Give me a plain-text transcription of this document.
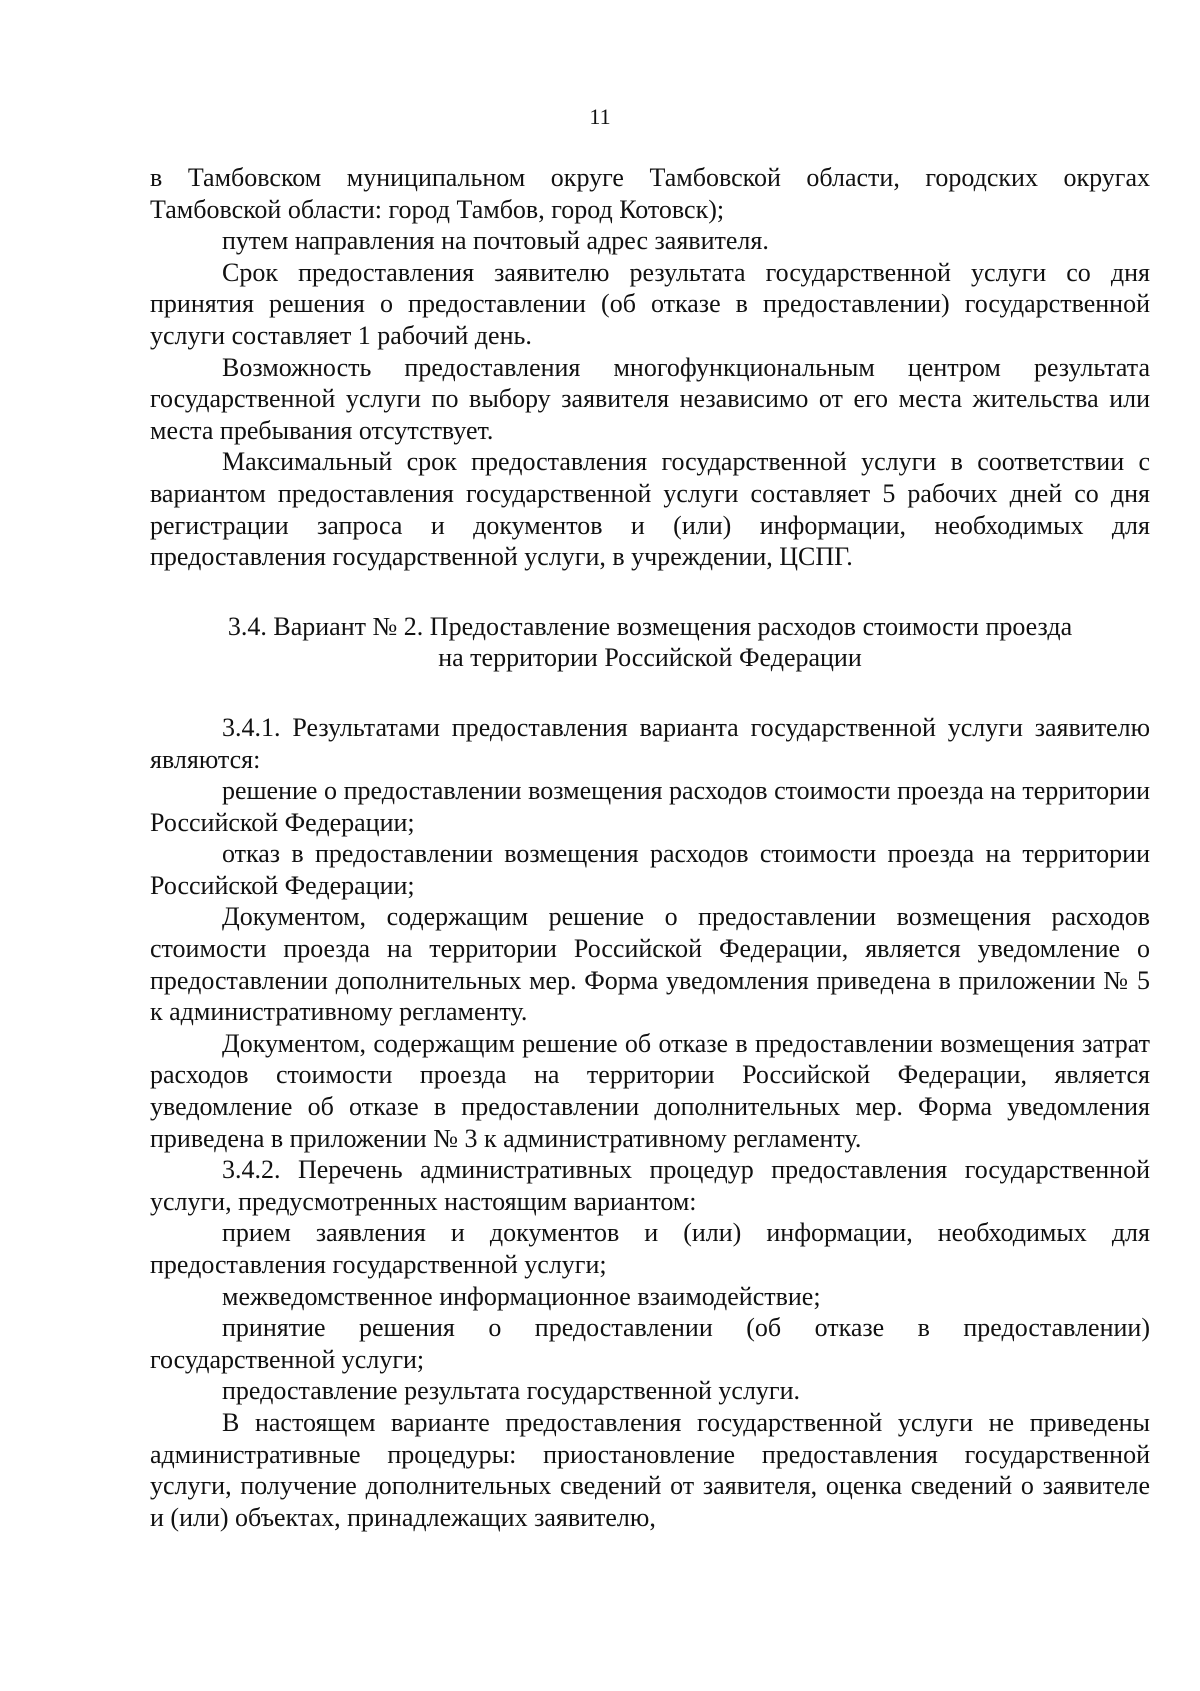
11

в Тамбовском муниципальном округе Тамбовской области, городских округах Тамбовской области: город Тамбов, город Котовск);

путем направления на почтовый адрес заявителя.

Срок предоставления заявителю результата государственной услуги со дня принятия решения о предоставлении (об отказе в предоставлении) государственной услуги составляет 1 рабочий день.

Возможность предоставления многофункциональным центром результата государственной услуги по выбору заявителя независимо от его места жительства или места пребывания отсутствует.

Максимальный срок предоставления государственной услуги в соответствии с вариантом предоставления государственной услуги составляет 5 рабочих дней со дня регистрации запроса и документов и (или) информации, необходимых для предоставления государственной услуги, в учреждении, ЦСПГ.

3.4. Вариант № 2. Предоставление возмещения расходов стоимости проезда
на территории Российской Федерации

3.4.1. Результатами предоставления варианта государственной услуги заявителю являются:

решение о предоставлении возмещения расходов стоимости проезда на территории Российской Федерации;

отказ в предоставлении возмещения расходов стоимости проезда на территории Российской Федерации;

Документом, содержащим решение о предоставлении возмещения расходов стоимости проезда на территории Российской Федерации, является уведомление о предоставлении дополнительных мер. Форма уведомления приведена в приложении № 5 к административному регламенту.

Документом, содержащим решение об отказе в предоставлении возмещения затрат расходов стоимости проезда на территории Российской Федерации, является уведомление об отказе в предоставлении дополнительных мер. Форма уведомления приведена в приложении № 3 к административному регламенту.

3.4.2. Перечень административных процедур предоставления государственной услуги, предусмотренных настоящим вариантом:

прием заявления и документов и (или) информации, необходимых для предоставления государственной услуги;

межведомственное информационное взаимодействие;

принятие решения о предоставлении (об отказе в предоставлении) государственной услуги;

предоставление результата государственной услуги.

В настоящем варианте предоставления государственной услуги не приведены административные процедуры: приостановление предоставления государственной услуги, получение дополнительных сведений от заявителя, оценка сведений о заявителе и (или) объектах, принадлежащих заявителю,
